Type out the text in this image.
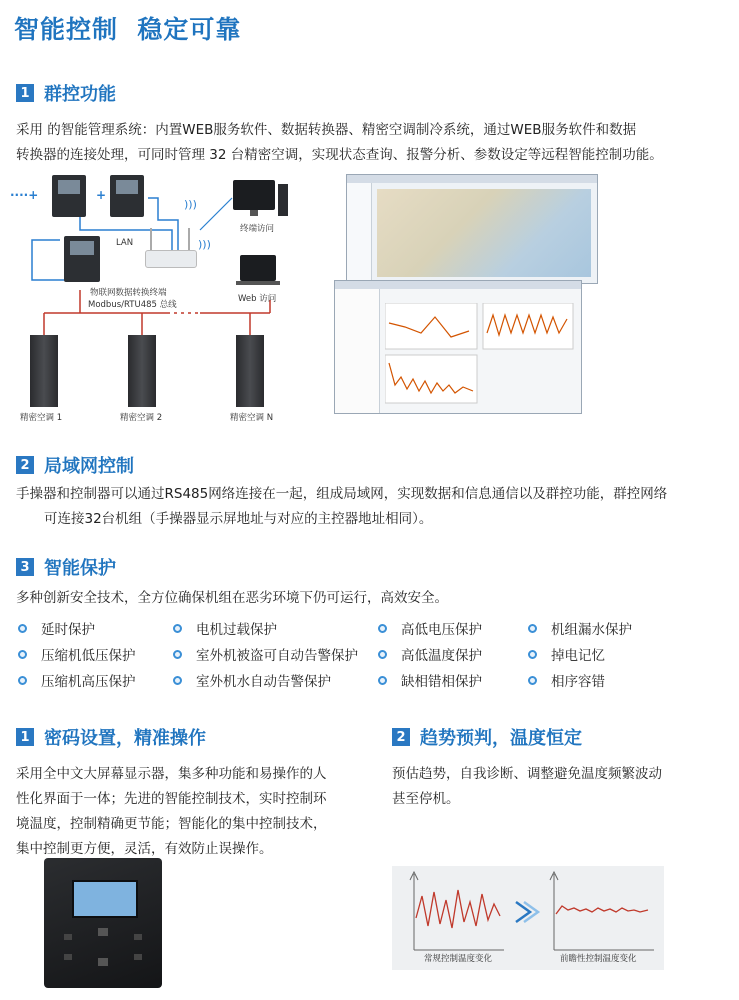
智能控制  稳定可靠
1 群控功能
采用 的智能管理系统：内置WEB服务软件、数据转换器、精密空调制冷系统，通过WEB服务软件和数据
转换器的连接处理，可同时管理 32 台精密空调，实现状态查询、报警分析、参数设定等远程智能控制功能。
····+	+
)))
)))
LAN
物联网数据转换终端
Modbus/RTU485 总线
终端访问
Web 访问
精密空调 1	精密空调 2	精密空调 N
2 局域网控制
手操器和控制器可以通过RS485网络连接在一起，组成局域网，实现数据和信息通信以及群控功能，群控网络
可连接32台机组（手操器显示屏地址与对应的主控器地址相同）。
3 智能保护
多种创新安全技术，全方位确保机组在恶劣环境下仍可运行，高效安全。
延时保护	电机过载保护	高低电压保护	机组漏水保护
压缩机低压保护	室外机被盗可自动告警保护	高低温度保护	掉电记忆
压缩机高压保护	室外机水自动告警保护	缺相错相保护	相序容错
1 密码设置，精准操作
采用全中文大屏幕显示器，集多种功能和易操作的人
性化界面于一体；先进的智能控制技术，实时控制环
境温度，控制精确更节能；智能化的集中控制技术，
集中控制更方便，灵活，有效防止误操作。
2 趋势预判，温度恒定
预估趋势，自我诊断、调整避免温度频繁波动
甚至停机。
常规控制温度变化	前瞻性控制温度变化
